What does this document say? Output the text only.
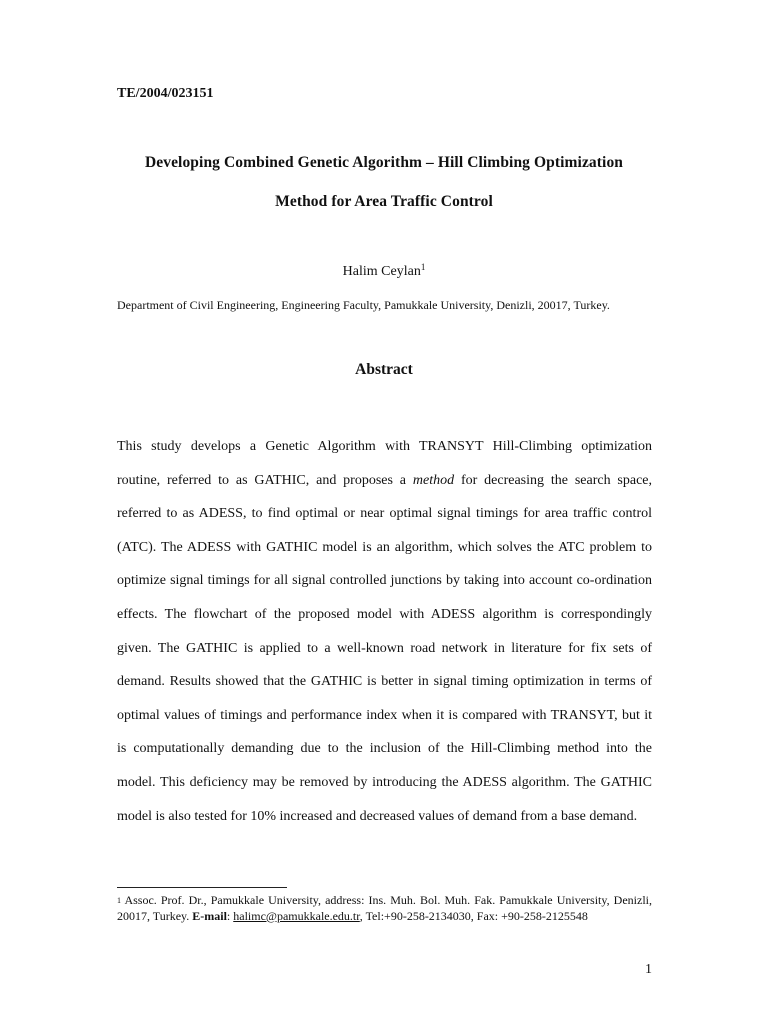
TE/2004/023151
Developing Combined Genetic Algorithm – Hill Climbing Optimization
Method for Area Traffic Control
Halim Ceylan$^1$
Department of Civil Engineering, Engineering Faculty, Pamukkale University, Denizli, 20017, Turkey.
Abstract
This study develops a Genetic Algorithm with TRANSYT Hill-Climbing optimization
routine, referred to as GATHIC, and proposes a method for decreasing the search space,
referred to as ADESS, to find optimal or near optimal signal timings for area traffic control
(ATC). The ADESS with GATHIC model is an algorithm, which solves the ATC problem to
optimize signal timings for all signal controlled junctions by taking into account co-ordination
effects. The flowchart of the proposed model with ADESS algorithm is correspondingly
given. The GATHIC is applied to a well-known road network in literature for fix sets of
demand. Results showed that the GATHIC is better in signal timing optimization in terms of
optimal values of timings and performance index when it is compared with TRANSYT, but it
is computationally demanding due to the inclusion of the Hill-Climbing method into the
model. This deficiency may be removed by introducing the ADESS algorithm. The GATHIC
model is also tested for 10% increased and decreased values of demand from a base demand.
$^1$ Assoc. Prof. Dr., Pamukkale University, address: Ins. Muh. Bol. Muh. Fak. Pamukkale University, Denizli,
20017, Turkey. E-mail: halimc@pamukkale.edu.tr, Tel:+90-258-2134030, Fax: +90-258-2125548
1
